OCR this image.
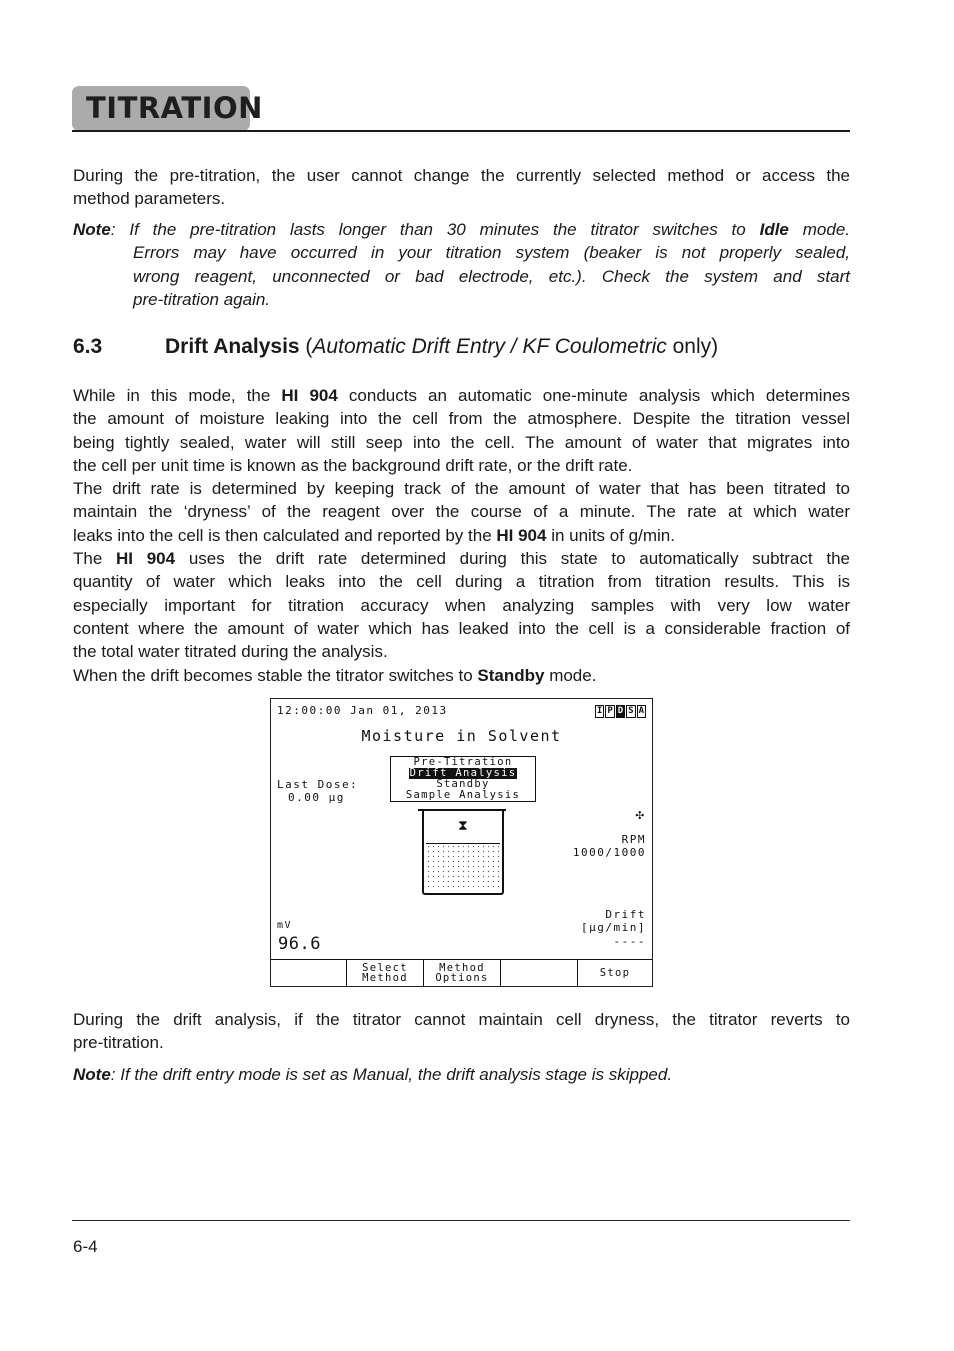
TITRATION
During the pre-titration, the user cannot change the currently selected method or access the
method parameters.
Note: If the pre-titration lasts longer than 30 minutes the titrator switches to Idle mode.
Errors may have occurred in your titration system (beaker is not properly sealed,
wrong reagent, unconnected or bad electrode, etc.). Check the system and start
pre-titration again.
6.3	Drift Analysis (Automatic Drift Entry / KF Coulometric only)
While in this mode, the HI 904 conducts an automatic one-minute analysis which determines
the amount of moisture leaking into the cell from the atmosphere. Despite the titration vessel
being tightly sealed, water will still seep into the cell. The amount of water that migrates into
the cell per unit time is known as the background drift rate, or the drift rate.
The drift rate is determined by keeping track of the amount of water that has been titrated to
maintain the ‘dryness’ of the reagent over the course of a minute. The rate at which water
leaks into the cell is then calculated and reported by the HI 904 in units of g/min.
The HI 904 uses the drift rate determined during this state to automatically subtract the
quantity of water which leaks into the cell during a titration from titration results. This is
especially important for titration accuracy when analyzing samples with very low water
content where the amount of water which has leaked into the cell is a considerable fraction of
the total water titrated during the analysis.
When the drift becomes stable the titrator switches to Standby mode.
12:00:00 Jan 01, 2013	I P D S A
Moisture in Solvent
Pre-Titration
Drift Analysis
Standby
Sample Analysis
Last Dose:
0.00 µg
⧗
✣
RPM
1000/1000
mV
96.6
Drift
[µg/min]
----
Select
Method
Method
Options	Stop
During the drift analysis, if the titrator cannot maintain cell dryness, the titrator reverts to
pre-titration.
Note: If the drift entry mode is set as Manual, the drift analysis stage is skipped.
6-4
